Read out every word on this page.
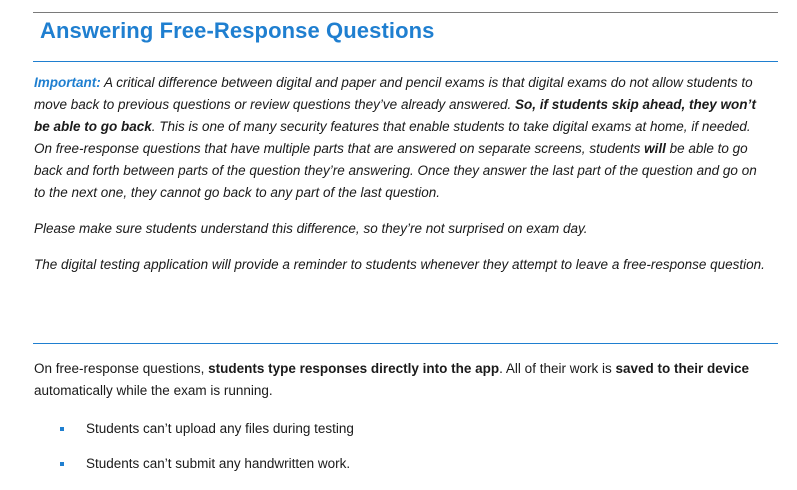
Answering Free-Response Questions

Important: A critical difference between digital and paper and pencil exams is that digital exams do not allow students to move back to previous questions or review questions they’ve already answered. So, if students skip ahead, they won’t be able to go back. This is one of many security features that enable students to take digital exams at home, if needed. On free-response questions that have multiple parts that are answered on separate screens, students will be able to go back and forth between parts of the question they’re answering. Once they answer the last part of the question and go on to the next one, they cannot go back to any part of the last question.

Please make sure students understand this difference, so they’re not surprised on exam day.

The digital testing application will provide a reminder to students whenever they attempt to leave a free-response question.

On free-response questions, students type responses directly into the app. All of their work is saved to their device automatically while the exam is running.

Students can’t upload any files during testing
Students can’t submit any handwritten work.
